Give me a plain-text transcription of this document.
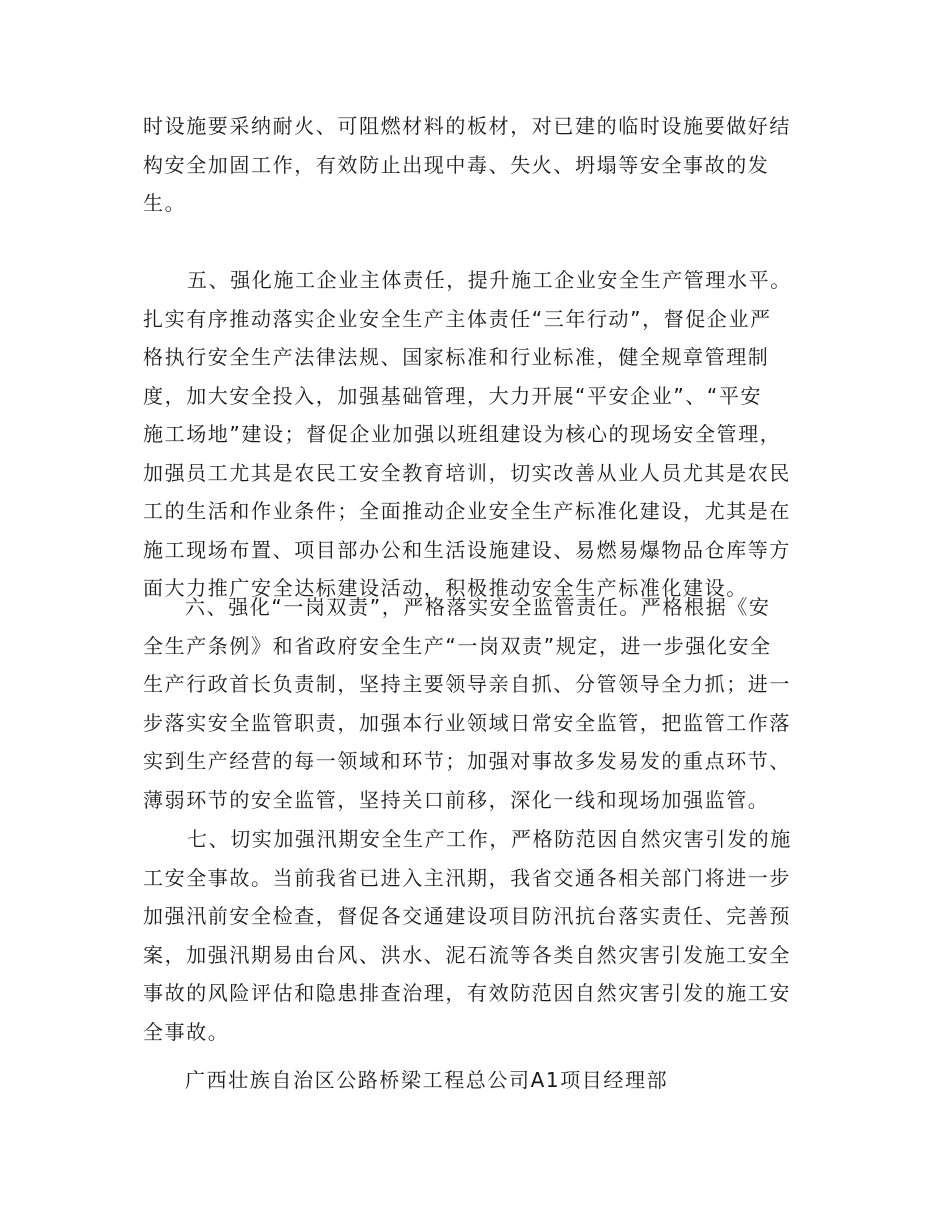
时设施要采纳耐火、可阻燃材料的板材，对已建的临时设施要做好结
构安全加固工作，有效防止出现中毒、失火、坍塌等安全事故的发
生。
五、强化施工企业主体责任，提升施工企业安全生产管理水平。
扎实有序推动落实企业安全生产主体责任“三年行动”，督促企业严
格执行安全生产法律法规、国家标准和行业标准，健全规章管理制
度，加大安全投入，加强基础管理，大力开展“平安企业”、“平安
施工场地”建设；督促企业加强以班组建设为核心的现场安全管理，
加强员工尤其是农民工安全教育培训，切实改善从业人员尤其是农民
工的生活和作业条件；全面推动企业安全生产标准化建设，尤其是在
施工现场布置、项目部办公和生活设施建设、易燃易爆物品仓库等方
面大力推广安全达标建设活动，积极推动安全生产标准化建设。
六、强化“一岗双责”，严格落实安全监管责任。严格根据《安
全生产条例》和省政府安全生产“一岗双责”规定，进一步强化安全
生产行政首长负责制，坚持主要领导亲自抓、分管领导全力抓；进一
步落实安全监管职责，加强本行业领域日常安全监管，把监管工作落
实到生产经营的每一领域和环节；加强对事故多发易发的重点环节、
薄弱环节的安全监管，坚持关口前移，深化一线和现场加强监管。
七、切实加强汛期安全生产工作，严格防范因自然灾害引发的施
工安全事故。当前我省已进入主汛期，我省交通各相关部门将进一步
加强汛前安全检查，督促各交通建设项目防汛抗台落实责任、完善预
案，加强汛期易由台风、洪水、泥石流等各类自然灾害引发施工安全
事故的风险评估和隐患排查治理，有效防范因自然灾害引发的施工安
全事故。

广西壮族自治区公路桥梁工程总公司A1项目经理部
